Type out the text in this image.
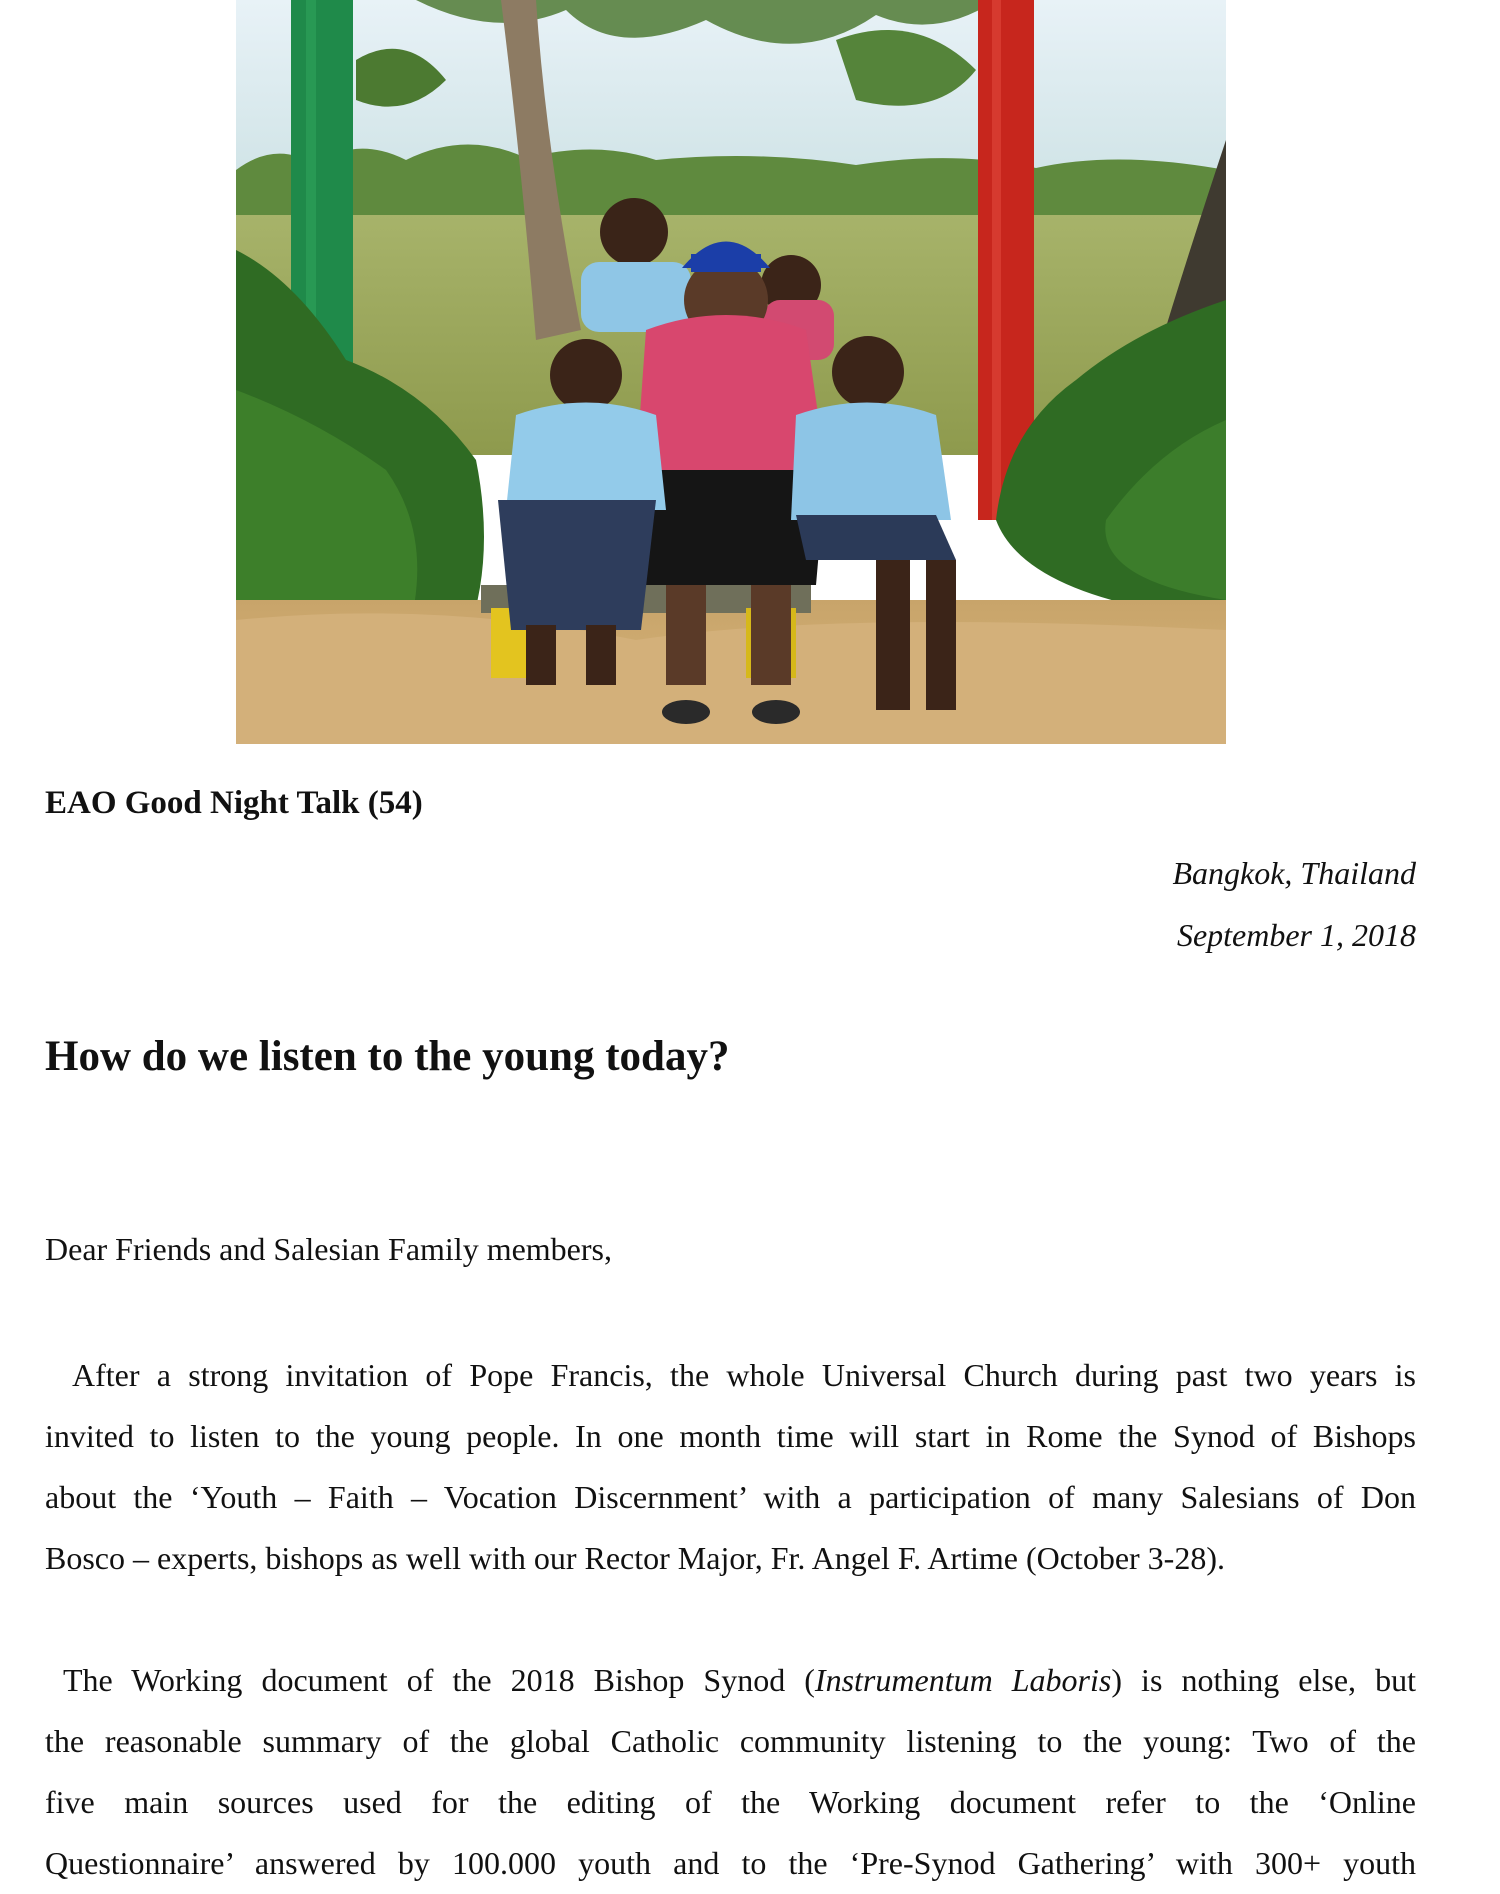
EAO Good Night Talk (54)
Bangkok, Thailand
September 1, 2018
How do we listen to the young today?
Dear Friends and Salesian Family members,
After a strong invitation of Pope Francis, the whole Universal Church during past two years is
invited to listen to the young people. In one month time will start in Rome the Synod of Bishops
about the ‘Youth – Faith – Vocation Discernment’ with a participation of many Salesians of Don
Bosco – experts, bishops as well with our Rector Major, Fr. Angel F. Artime (October 3-28).
The Working document of the 2018 Bishop Synod (Instrumentum Laboris) is nothing else, but
the reasonable summary of the global Catholic community listening to the young: Two of the
five main sources used for the editing of the Working document refer to the ‘Online
Questionnaire’ answered by 100.000 youth and to the ‘Pre-Synod Gathering’ with 300+ youth
